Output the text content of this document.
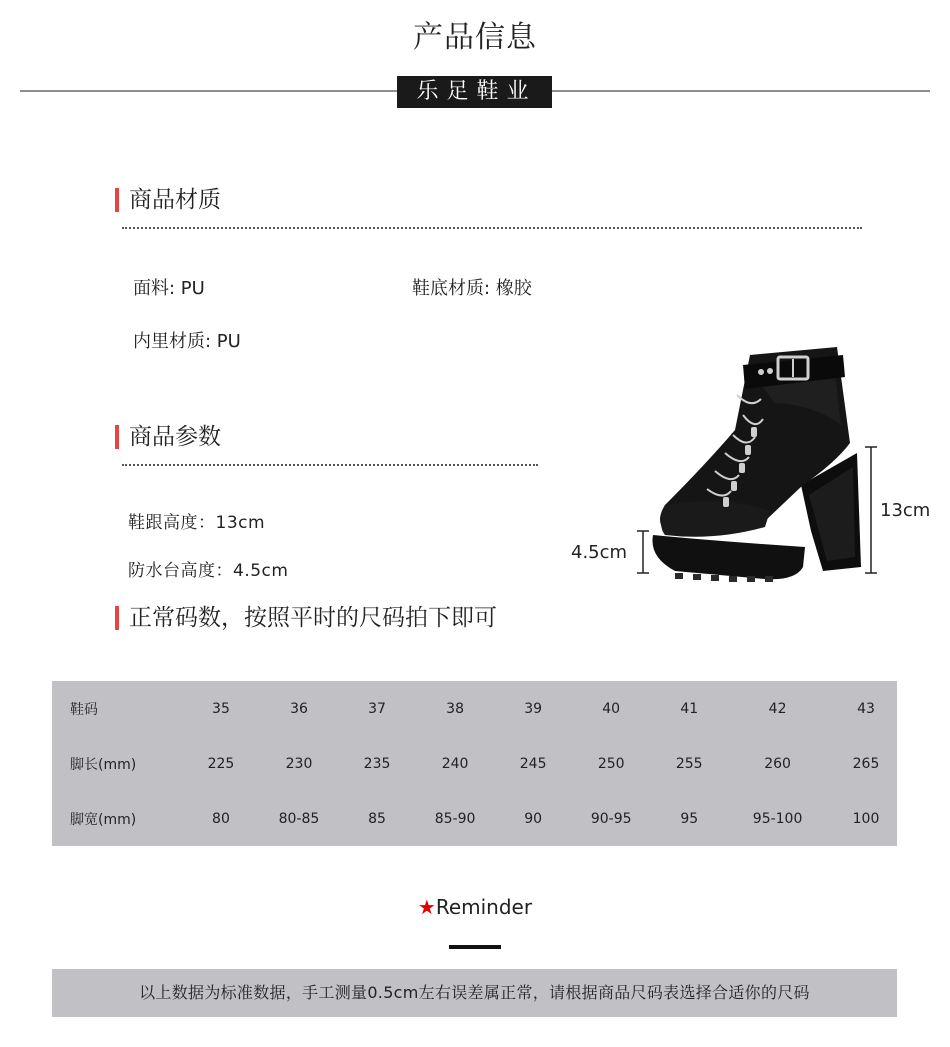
产品信息
乐足鞋业
商品材质
面料: PU	鞋底材质: 橡胶
内里材质: PU
商品参数
鞋跟高度：13cm
防水台高度：4.5cm
正常码数，按照平时的尺码拍下即可
13cm
4.5cm
鞋码	35	36	37	38	39	40	41	42	43
脚长(mm)	225	230	235	240	245	250	255	260	265
脚宽(mm)	80	80-85	85	85-90	90	90-95	95	95-100	100
★Reminder
以上数据为标准数据，手工测量0.5cm左右误差属正常，请根据商品尺码表选择合适你的尺码
